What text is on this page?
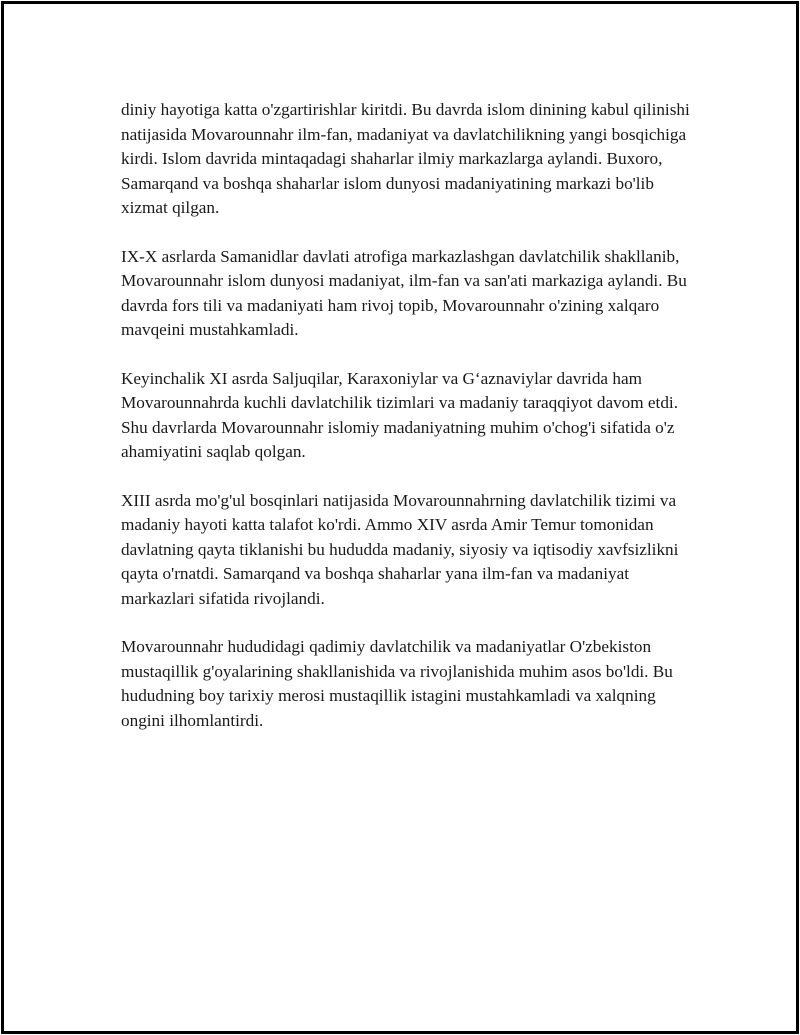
diniy hayotiga katta o'zgartirishlar kiritdi. Bu davrda islom dinining kabul qilinishi natijasida Movarounnahr ilm-fan, madaniyat va davlatchilikning yangi bosqichiga kirdi. Islom davrida mintaqadagi shaharlar ilmiy markazlarga aylandi. Buxoro, Samarqand va boshqa shaharlar islom dunyosi madaniyatining markazi bo'lib xizmat qilgan.

IX-X asrlarda Samanidlar davlati atrofiga markazlashgan davlatchilik shakllanib, Movarounnahr islom dunyosi madaniyat, ilm-fan va san'ati markaziga aylandi. Bu davrda fors tili va madaniyati ham rivoj topib, Movarounnahr o'zining xalqaro mavqeini mustahkamladi.

Keyinchalik XI asrda Saljuqilar, Karaxoniylar va G‘aznaviylar davrida ham Movarounnahrda kuchli davlatchilik tizimlari va madaniy taraqqiyot davom etdi. Shu davrlarda Movarounnahr islomiy madaniyatning muhim o'chog'i sifatida o'z ahamiyatini saqlab qolgan.

XIII asrda mo'g'ul bosqinlari natijasida Movarounnahrning davlatchilik tizimi va madaniy hayoti katta talafot ko'rdi. Ammo XIV asrda Amir Temur tomonidan davlatning qayta tiklanishi bu hududda madaniy, siyosiy va iqtisodiy xavfsizlikni qayta o'rnatdi. Samarqand va boshqa shaharlar yana ilm-fan va madaniyat markazlari sifatida rivojlandi.

Movarounnahr hududidagi qadimiy davlatchilik va madaniyatlar O'zbekiston mustaqillik g'oyalarining shakllanishida va rivojlanishida muhim asos bo'ldi. Bu hududning boy tarixiy merosi mustaqillik istagini mustahkamladi va xalqning ongini ilhomlantirdi.
